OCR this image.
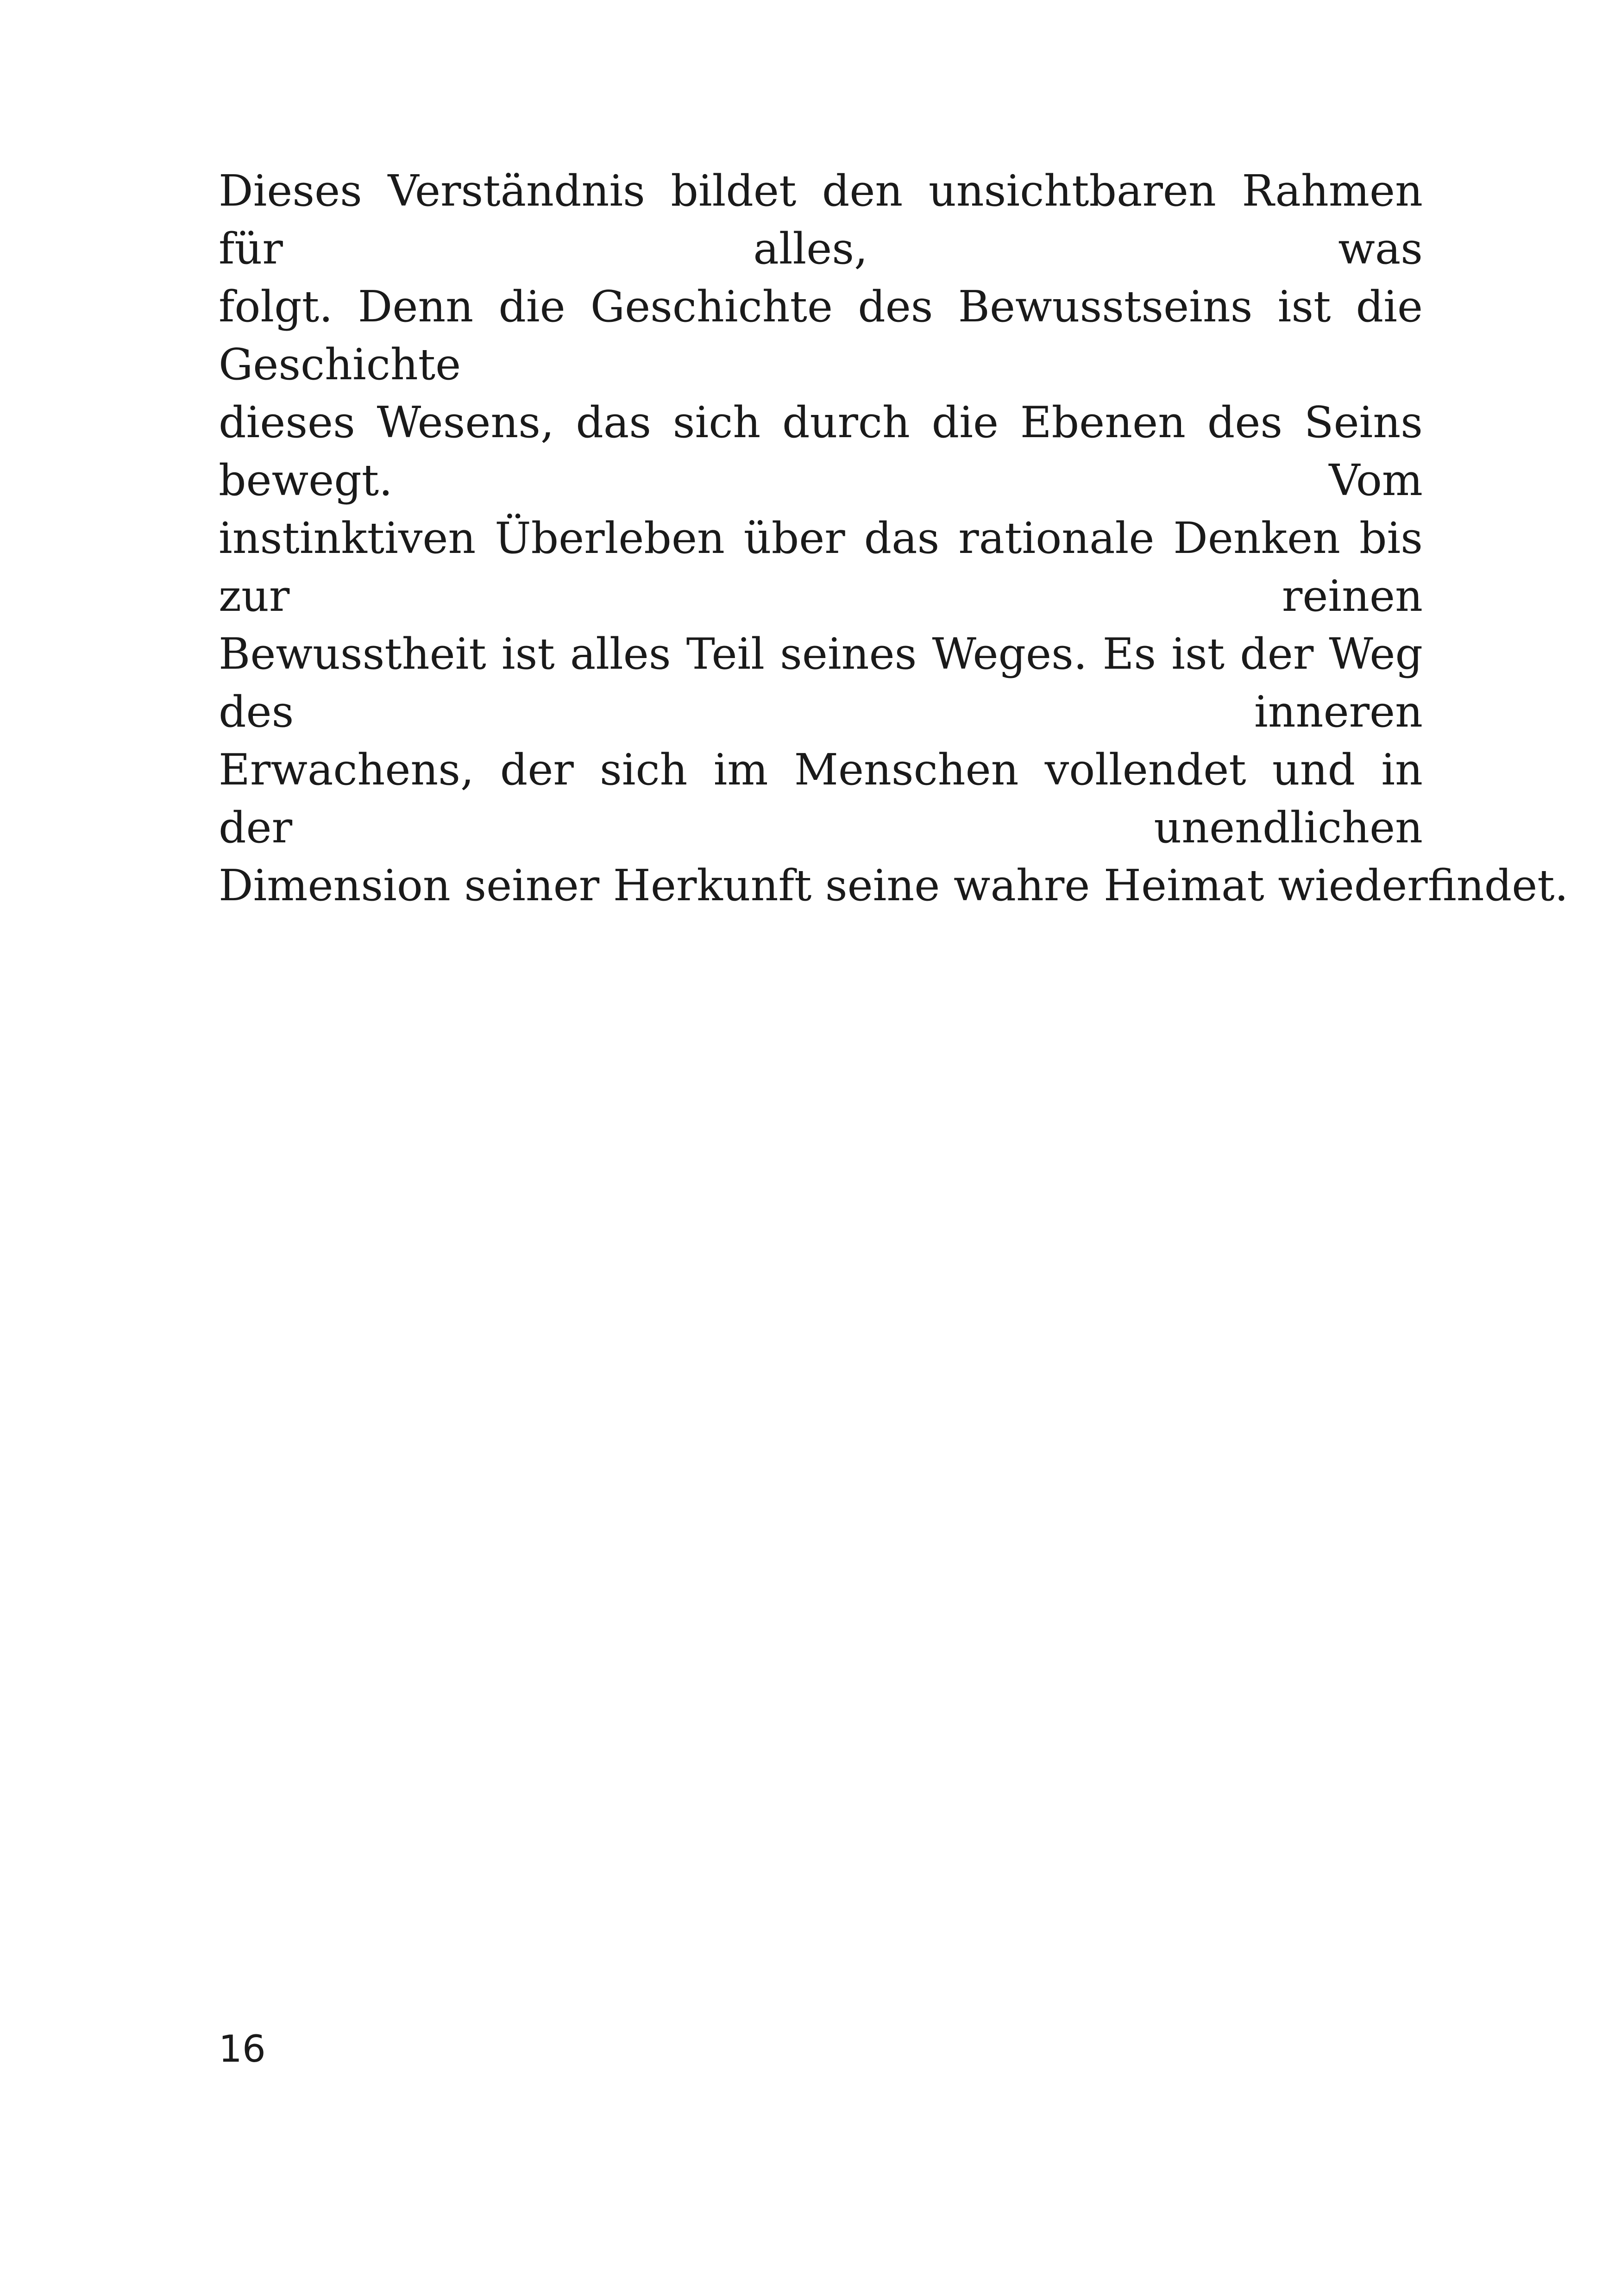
Dieses Verständnis bildet den unsichtbaren Rahmen für alles, was
folgt. Denn die Geschichte des Bewusstseins ist die Geschichte
dieses Wesens, das sich durch die Ebenen des Seins bewegt. Vom
instinktiven Überleben über das rationale Denken bis zur reinen
Bewusstheit ist alles Teil seines Weges. Es ist der Weg des inneren
Erwachens, der sich im Menschen vollendet und in der unendlichen
Dimension seiner Herkunft seine wahre Heimat wiederfindet.

16
